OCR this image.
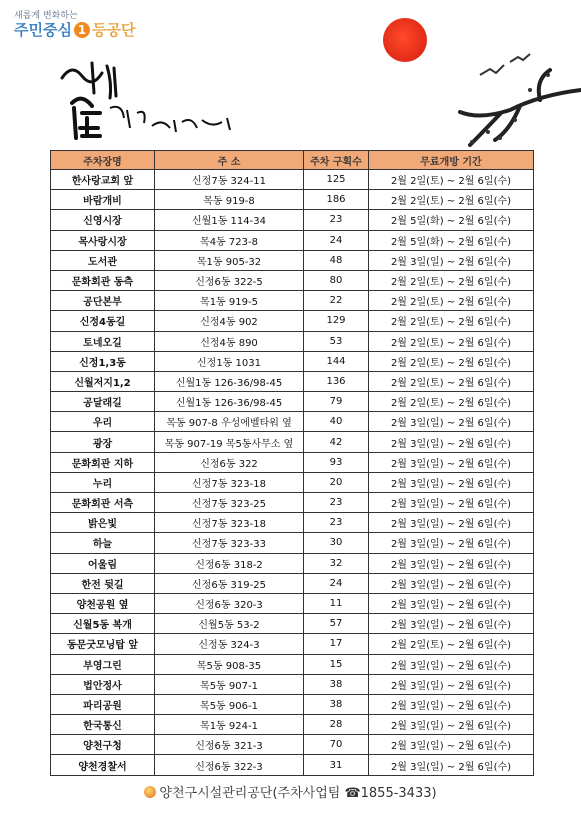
새롭게 변화하는
주민중심 1 등공단
주차장명	주 소	주차 구획수	무료개방 기간
한사랑교회 앞	신정7동 324-11	125	2월 2일(토) ~ 2월 6일(수)
바람개비	목동 919-8	186	2월 2일(토) ~ 2월 6일(수)
신영시장	신월1동 114-34	23	2월 5일(화) ~ 2월 6일(수)
목사랑시장	목4동 723-8	24	2월 5일(화) ~ 2월 6일(수)
도서관	목1동 905-32	48	2월 3일(일) ~ 2월 6일(수)
문화회관 동측	신정6동 322-5	80	2월 2일(토) ~ 2월 6일(수)
공단본부	목1동 919-5	22	2월 2일(토) ~ 2월 6일(수)
신정4동길	신정4동 902	129	2월 2일(토) ~ 2월 6일(수)
토네오길	신정4동 890	53	2월 2일(토) ~ 2월 6일(수)
신정1,3동	신정1동 1031	144	2월 2일(토) ~ 2월 6일(수)
신월저지1,2	신월1동 126-36/98-45	136	2월 2일(토) ~ 2월 6일(수)
공달래길	신월1동 126-36/98-45	79	2월 2일(토) ~ 2월 6일(수)
우리	목동 907-8 우성에벨타워 옆	40	2월 3일(일) ~ 2월 6일(수)
광장	목동 907-19 목5동사무소 옆	42	2월 3일(일) ~ 2월 6일(수)
문화회관 지하	신정6동 322	93	2월 3일(일) ~ 2월 6일(수)
누리	신정7동 323-18	20	2월 3일(일) ~ 2월 6일(수)
문화회관 서측	신정7동 323-25	23	2월 3일(일) ~ 2월 6일(수)
밝은빛	신정7동 323-18	23	2월 3일(일) ~ 2월 6일(수)
하늘	신정7동 323-33	30	2월 3일(일) ~ 2월 6일(수)
어울림	신정6동 318-2	32	2월 3일(일) ~ 2월 6일(수)
한전 뒷길	신정6동 319-25	24	2월 3일(일) ~ 2월 6일(수)
양천공원 옆	신정6동 320-3	11	2월 3일(일) ~ 2월 6일(수)
신월5동 복개	신월5동 53-2	57	2월 3일(일) ~ 2월 6일(수)
동문굿모닝탑 앞	신정동 324-3	17	2월 2일(토) ~ 2월 6일(수)
부영그린	목5동 908-35	15	2월 3일(일) ~ 2월 6일(수)
법안정사	목5동 907-1	38	2월 3일(일) ~ 2월 6일(수)
파리공원	목5동 906-1	38	2월 3일(일) ~ 2월 6일(수)
한국통신	목1동 924-1	28	2월 3일(일) ~ 2월 6일(수)
양천구청	신정6동 321-3	70	2월 3일(일) ~ 2월 6일(수)
양천경찰서	신정6동 322-3	31	2월 3일(일) ~ 2월 6일(수)
양천구시설관리공단(주차사업팀 ☎1855-3433)
